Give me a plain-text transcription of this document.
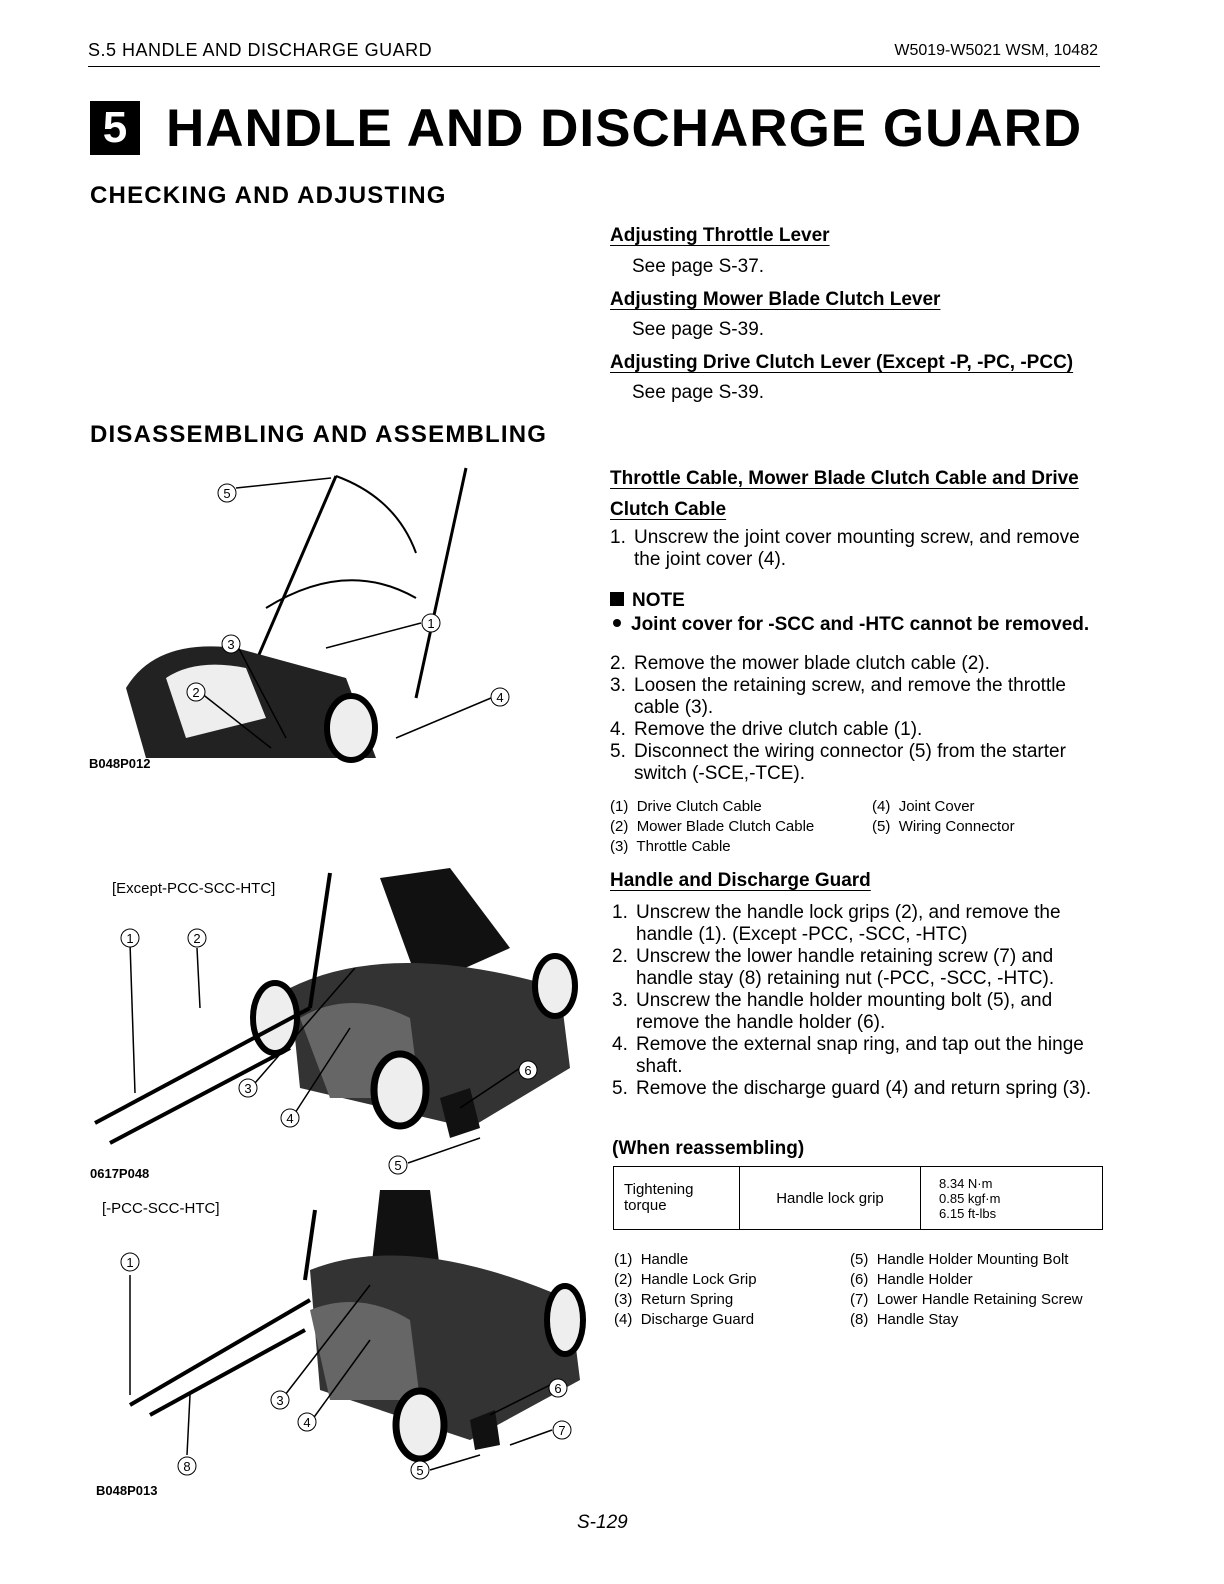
S.5 HANDLE AND DISCHARGE GUARD	W5019-W5021 WSM, 10482
5 HANDLE AND DISCHARGE GUARD
CHECKING AND ADJUSTING
Adjusting Throttle Lever
See page S-37.
Adjusting Mower Blade Clutch Lever
See page S-39.
Adjusting Drive Clutch Lever (Except -P, -PC, -PCC)
See page S-39.
DISASSEMBLING AND ASSEMBLING
5
1
3
2	4
B048P012
[Except-PCC-SCC-HTC]
1	2
3
4
6
5
0617P048
[-PCC-SCC-HTC]
1
3
4
6
7
8	5
B048P013
Throttle Cable, Mower Blade Clutch Cable and Drive
Clutch Cable
1. Unscrew the joint cover mounting screw, and remove the joint cover (4).
NOTE
Joint cover for -SCC and -HTC cannot be removed.
2. Remove the mower blade clutch cable (2).
3. Loosen the retaining screw, and remove the throttle cable (3).
4. Remove the drive clutch cable (1).
5. Disconnect the wiring connector (5) from the starter switch (-SCE,-TCE).
(1) Drive Clutch Cable
(2) Mower Blade Clutch Cable
(3) Throttle Cable
(4) Joint Cover
(5) Wiring Connector
Handle and Discharge Guard
1. Unscrew the handle lock grips (2), and remove the handle (1). (Except -PCC, -SCC, -HTC)
2. Unscrew the lower handle retaining screw (7) and handle stay (8) retaining nut (-PCC, -SCC, -HTC).
3. Unscrew the handle holder mounting bolt (5), and remove the handle holder (6).
4. Remove the external snap ring, and tap out the hinge shaft.
5. Remove the discharge guard (4) and return spring (3).
(When reassembling)
Tightening torque	Handle lock grip	
8.34 N·m
0.85 kgf·m
6.15 ft-lbs
(1) Handle
(2) Handle Lock Grip
(3) Return Spring
(4) Discharge Guard
(5) Handle Holder Mounting Bolt
(6) Handle Holder
(7) Lower Handle Retaining Screw
(8) Handle Stay
S-129
